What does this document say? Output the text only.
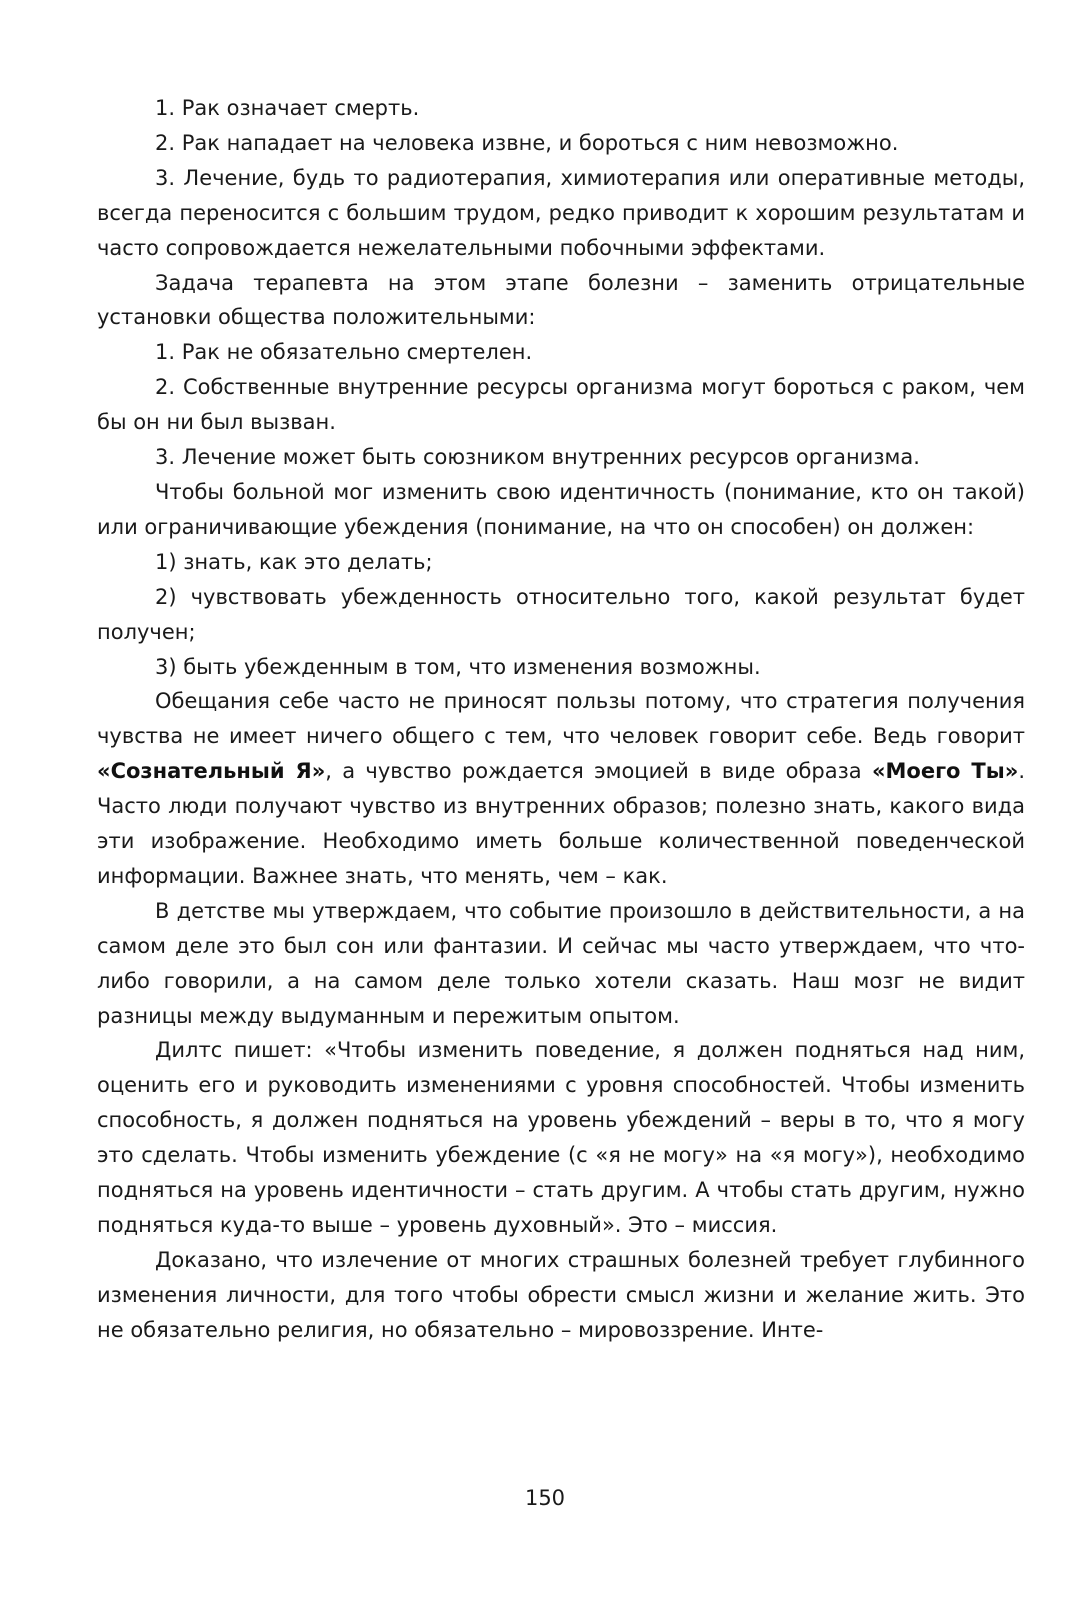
1. Рак означает смерть.

2. Рак нападает на человека извне, и бороться с ним невозможно.

3. Лечение, будь то радиотерапия, химиотерапия или оперативные методы, всегда переносится с большим трудом, редко приводит к хорошим результатам и часто сопровождается нежелательными побочными эффектами.

Задача терапевта на этом этапе болезни – заменить отрицательные установки общества положительными:

1. Рак не обязательно смертелен.

2. Собственные внутренние ресурсы организма могут бороться с раком, чем бы он ни был вызван.

3. Лечение может быть союзником внутренних ресурсов организма.

Чтобы больной мог изменить свою идентичность (понимание, кто он такой) или ограничивающие убеждения (понимание, на что он способен) он должен:

1) знать, как это делать;

2) чувствовать убежденность относительно того, какой результат будет получен;

3) быть убежденным в том, что изменения возможны.

Обещания себе часто не приносят пользы потому, что стратегия получения чувства не имеет ничего общего с тем, что человек говорит себе. Ведь говорит «Сознательный Я», а чувство рождается эмоцией в виде образа «Моего Ты». Часто люди получают чувство из внутренних образов; полезно знать, какого вида эти изображение. Необходимо иметь больше количественной поведенческой информации. Важнее знать, что менять, чем – как.

В детстве мы утверждаем, что событие произошло в действительности, а на самом деле это был сон или фантазии. И сейчас мы часто утверждаем, что что-либо говорили, а на самом деле только хотели сказать. Наш мозг не видит разницы между выдуманным и пережитым опытом.

Дилтс пишет: «Чтобы изменить поведение, я должен подняться над ним, оценить его и руководить изменениями с уровня способностей. Чтобы изменить способность, я должен подняться на уровень убеждений – веры в то, что я могу это сделать. Чтобы изменить убеждение (с «я не могу» на «я могу»), необходимо подняться на уровень идентичности – стать другим. А чтобы стать другим, нужно подняться куда-то выше – уровень духовный». Это – миссия.

Доказано, что излечение от многих страшных болезней требует глубинного изменения личности, для того чтобы обрести смысл жизни и желание жить. Это не обязательно религия, но обязательно – мировоззрение. Инте-

150
